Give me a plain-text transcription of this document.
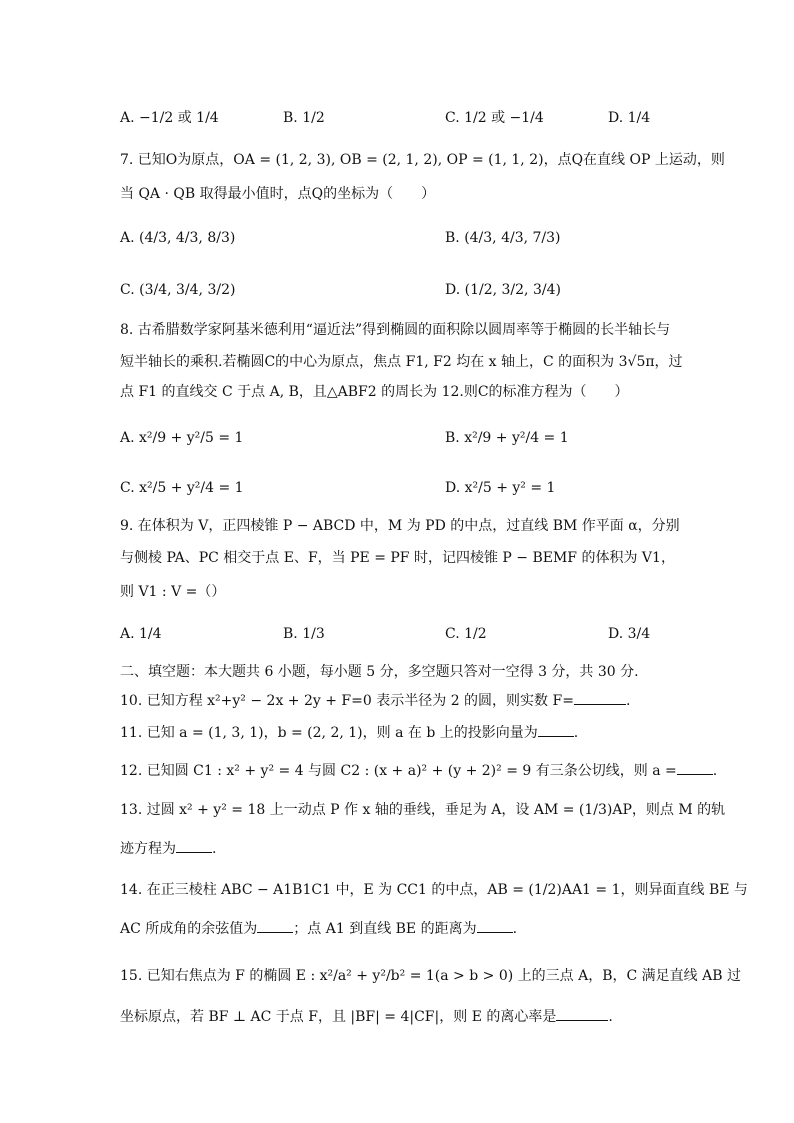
A. −1/2 或 1/4	B. 1/2	C. 1/2 或 −1/4	D. 1/4
7. 已知O为原点，OA = (1, 2, 3), OB = (2, 1, 2), OP = (1, 1, 2)，点Q在直线 OP 上运动，则
当 QA · QB 取得最小值时，点Q的坐标为（　　）
A. (4/3, 4/3, 8/3)	B. (4/3, 4/3, 7/3)
C. (3/4, 3/4, 3/2)	D. (1/2, 3/2, 3/4)
8. 古希腊数学家阿基米德利用“逼近法”得到椭圆的面积除以圆周率等于椭圆的长半轴长与
短半轴长的乘积.若椭圆C的中心为原点，焦点 F1, F2 均在 x 轴上，C 的面积为 3√5π，过
点 F1 的直线交 C 于点 A, B，且△ABF2 的周长为 12.则C的标准方程为（　　）
A. x²/9 + y²/5 = 1	B. x²/9 + y²/4 = 1
C. x²/5 + y²/4 = 1	D. x²/5 + y² = 1
9. 在体积为 V，正四棱锥 P − ABCD 中，M 为 PD 的中点，过直线 BM 作平面 α，分别
与侧棱 PA、PC 相交于点 E、F，当 PE = PF 时，记四棱锥 P − BEMF 的体积为 V1，
则 V1 : V =（）
A. 1/4	B. 1/3	C. 1/2	D. 3/4
二、填空题：本大题共 6 小题，每小题 5 分，多空题只答对一空得 3 分，共 30 分.
10. 已知方程 x²+y² − 2x + 2y + F=0 表示半径为 2 的圆，则实数 F=	.
11. 已知 a = (1, 3, 1)，b = (2, 2, 1)，则 a 在 b 上的投影向量为	.
12. 已知圆 C1 : x² + y² = 4 与圆 C2 : (x + a)² + (y + 2)² = 9 有三条公切线，则 a =	.
13. 过圆 x² + y² = 18 上一动点 P 作 x 轴的垂线，垂足为 A，设 AM = (1/3)AP，则点 M 的轨
迹方程为	.
14. 在正三棱柱 ABC − A1B1C1 中，E 为 CC1 的中点，AB = (1/2)AA1 = 1，则异面直线 BE 与
AC 所成角的余弦值为	；点 A1 到直线 BE 的距离为	.
15. 已知右焦点为 F 的椭圆 E : x²/a² + y²/b² = 1(a > b > 0) 上的三点 A，B，C 满足直线 AB 过
坐标原点，若 BF ⊥ AC 于点 F，且 |BF| = 4|CF|，则 E 的离心率是	.
